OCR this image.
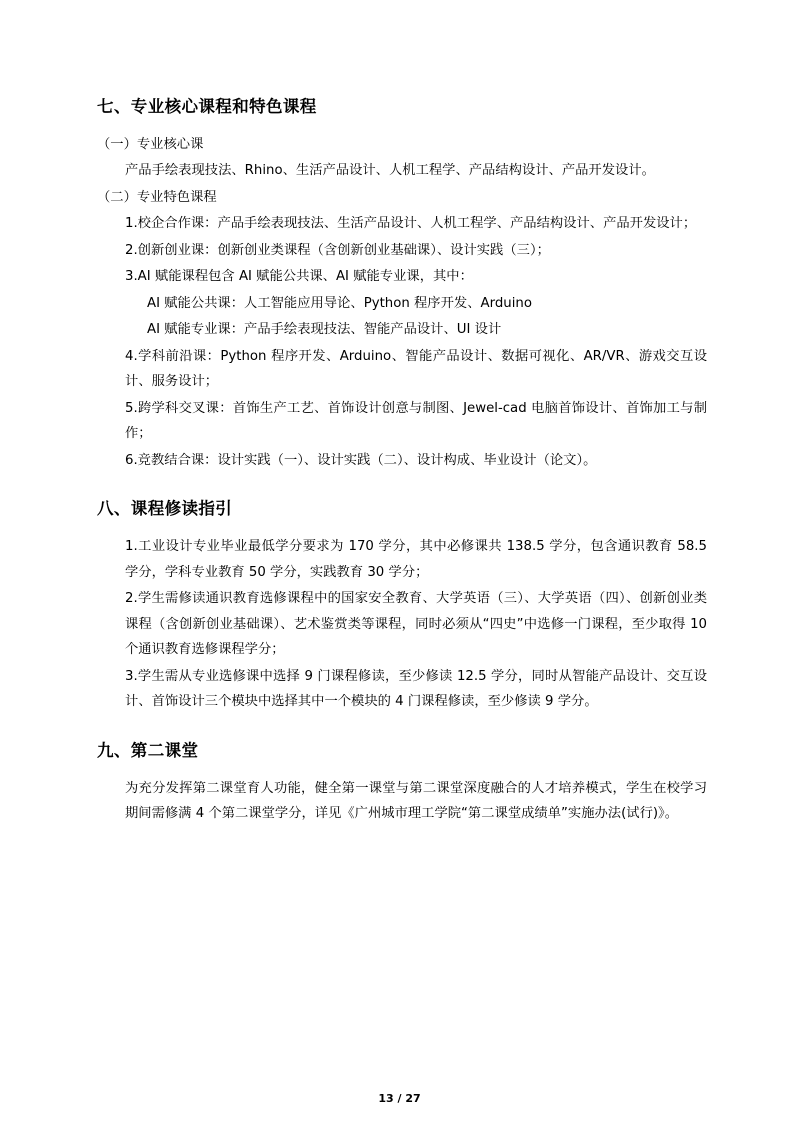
七、专业核心课程和特色课程

（一）专业核心课

产品手绘表现技法、Rhino、生活产品设计、人机工程学、产品结构设计、产品开发设计。

（二）专业特色课程

1.校企合作课：产品手绘表现技法、生活产品设计、人机工程学、产品结构设计、产品开发设计；

2.创新创业课：创新创业类课程（含创新创业基础课）、设计实践（三）；

3.AI 赋能课程包含 AI 赋能公共课、AI 赋能专业课，其中：

AI 赋能公共课：人工智能应用导论、Python 程序开发、Arduino

AI 赋能专业课：产品手绘表现技法、智能产品设计、UI 设计

4.学科前沿课：Python 程序开发、Arduino、智能产品设计、数据可视化、AR/VR、游戏交互设计、服务设计；

5.跨学科交叉课：首饰生产工艺、首饰设计创意与制图、Jewel-cad 电脑首饰设计、首饰加工与制作；

6.竞教结合课：设计实践（一）、设计实践（二）、设计构成、毕业设计（论文）。

八、课程修读指引

1.工业设计专业毕业最低学分要求为 170 学分，其中必修课共 138.5 学分，包含通识教育 58.5 学分，学科专业教育 50 学分，实践教育 30 学分；

2.学生需修读通识教育选修课程中的国家安全教育、大学英语（三）、大学英语（四）、创新创业类课程（含创新创业基础课）、艺术鉴赏类等课程，同时必须从“四史”中选修一门课程，至少取得 10 个通识教育选修课程学分；

3.学生需从专业选修课中选择 9 门课程修读，至少修读 12.5 学分，同时从智能产品设计、交互设计、首饰设计三个模块中选择其中一个模块的 4 门课程修读，至少修读 9 学分。

九、第二课堂

为充分发挥第二课堂育人功能，健全第一课堂与第二课堂深度融合的人才培养模式，学生在校学习期间需修满 4 个第二课堂学分，详见《广州城市理工学院“第二课堂成绩单”实施办法(试行)》。

13 / 27
